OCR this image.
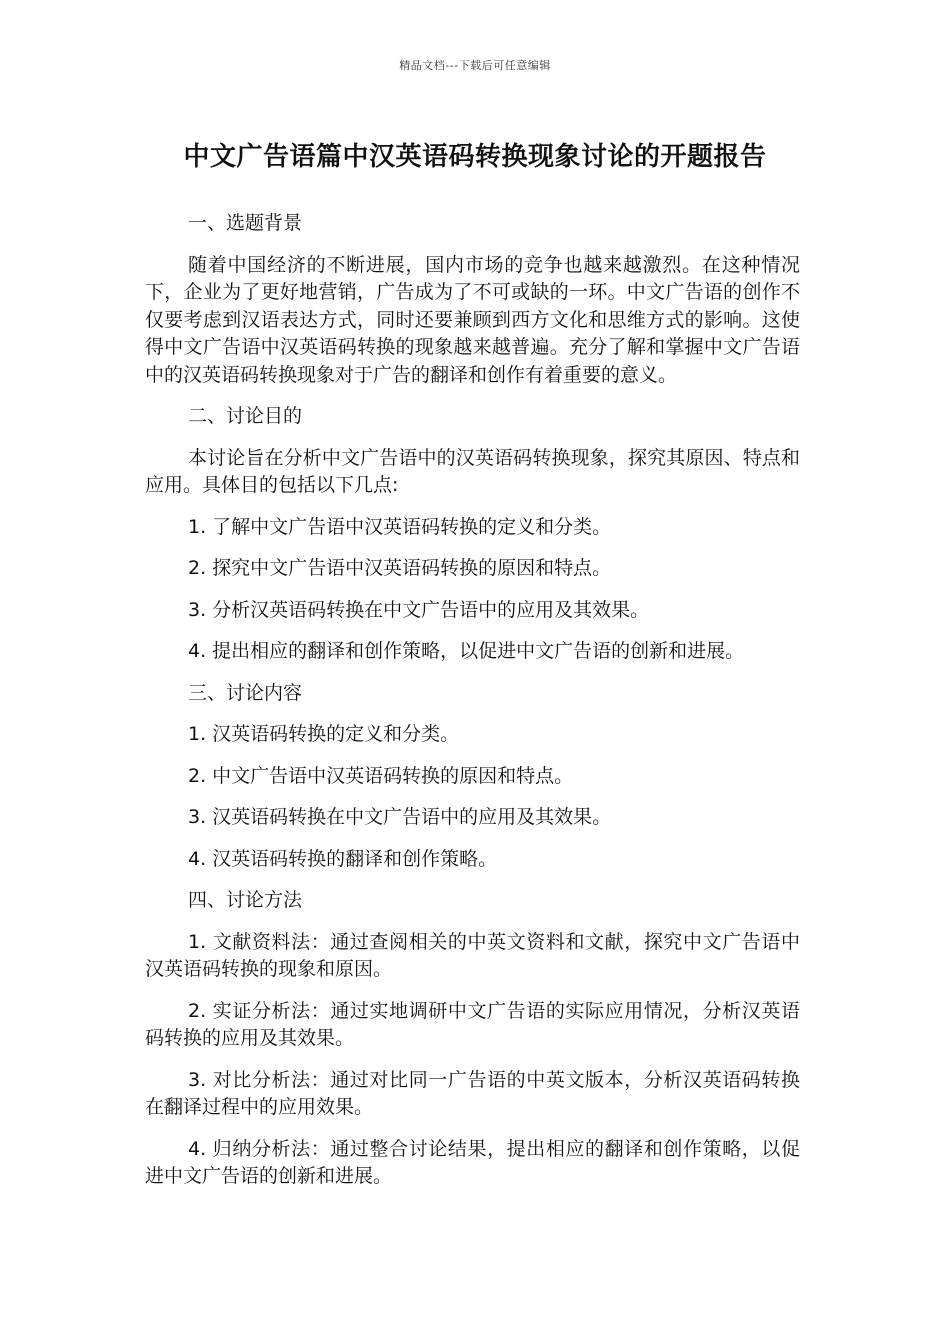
精品文档---下载后可任意编辑
中文广告语篇中汉英语码转换现象讨论的开题报告

一、选题背景

随着中国经济的不断进展，国内市场的竞争也越来越激烈。在这种情况下，企业为了更好地营销，广告成为了不可或缺的一环。中文广告语的创作不仅要考虑到汉语表达方式，同时还要兼顾到西方文化和思维方式的影响。这使得中文广告语中汉英语码转换的现象越来越普遍。充分了解和掌握中文广告语中的汉英语码转换现象对于广告的翻译和创作有着重要的意义。

二、讨论目的

本讨论旨在分析中文广告语中的汉英语码转换现象，探究其原因、特点和应用。具体目的包括以下几点:

1. 了解中文广告语中汉英语码转换的定义和分类。

2. 探究中文广告语中汉英语码转换的原因和特点。

3. 分析汉英语码转换在中文广告语中的应用及其效果。

4. 提出相应的翻译和创作策略，以促进中文广告语的创新和进展。

三、讨论内容

1. 汉英语码转换的定义和分类。

2. 中文广告语中汉英语码转换的原因和特点。

3. 汉英语码转换在中文广告语中的应用及其效果。

4. 汉英语码转换的翻译和创作策略。

四、讨论方法

1. 文献资料法：通过查阅相关的中英文资料和文献，探究中文广告语中汉英语码转换的现象和原因。

2. 实证分析法：通过实地调研中文广告语的实际应用情况，分析汉英语码转换的应用及其效果。

3. 对比分析法：通过对比同一广告语的中英文版本，分析汉英语码转换在翻译过程中的应用效果。

4. 归纳分析法：通过整合讨论结果，提出相应的翻译和创作策略，以促进中文广告语的创新和进展。
